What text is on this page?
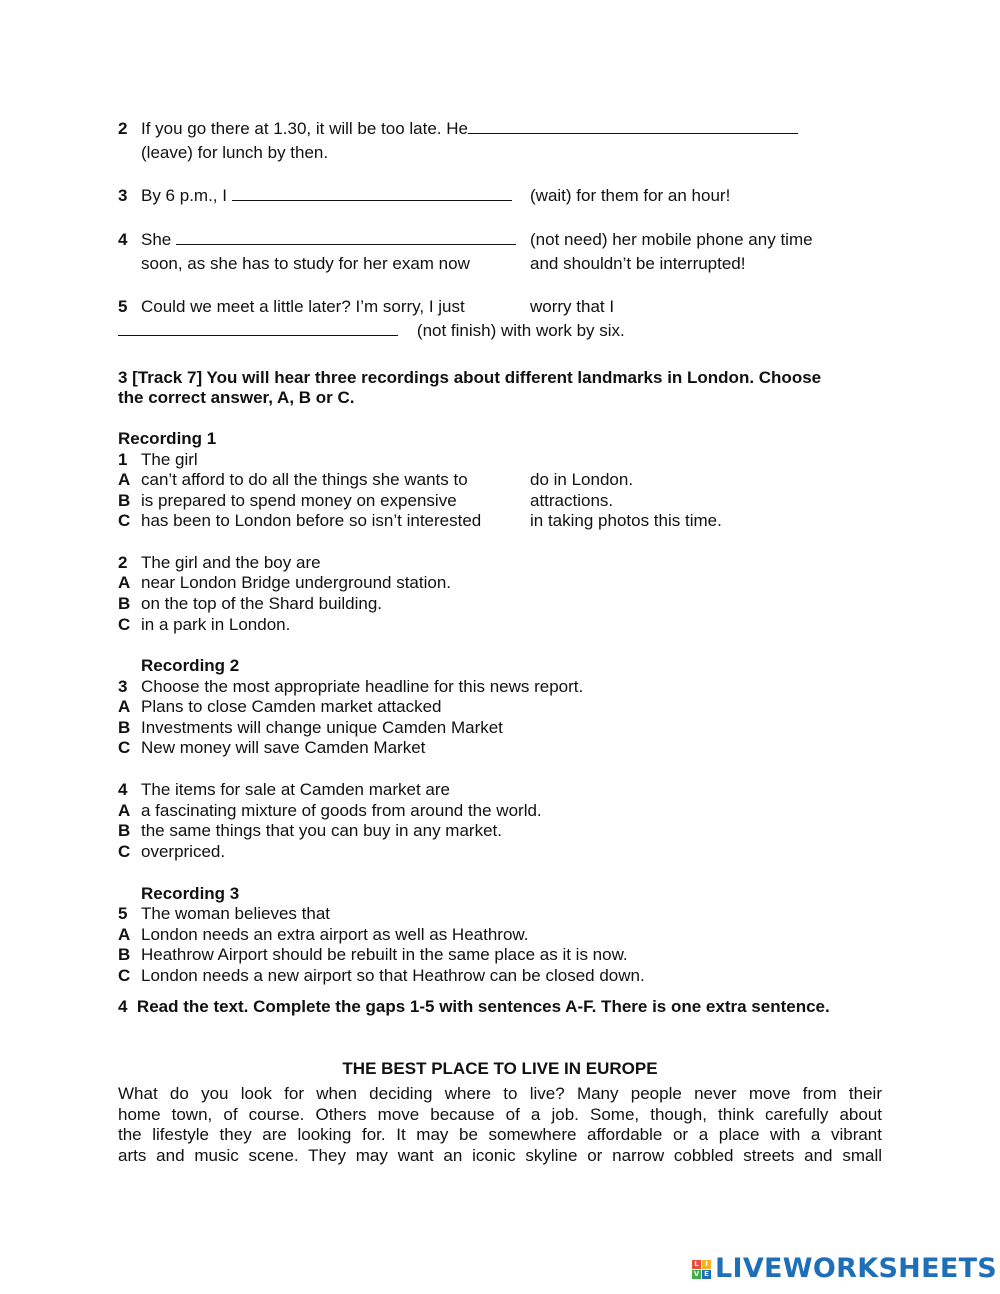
2 If you go there at 1.30, it will be too late. He
(leave) for lunch by then.
3 By 6 p.m., I	(wait) for them for an hour!
4 She	(not need) her mobile phone any time
soon, as she has to study for her exam now	and shouldn’t be interrupted!
5 Could we meet a little later? I’m sorry, I just	worry that I
(not finish) with work by six.
3 [Track 7] You will hear three recordings about different landmarks in London. Choose
the correct answer, A, B or C.
Recording 1
1 The girl
A can’t afford to do all the things she wants to	do in London.
B is prepared to spend money on expensive	attractions.
C has been to London before so isn’t interested	in taking photos this time.
2 The girl and the boy are
A near London Bridge underground station.
B on the top of the Shard building.
C in a park in London.
Recording 2
3 Choose the most appropriate headline for this news report.
A Plans to close Camden market attacked
B Investments will change unique Camden Market
C New money will save Camden Market
4 The items for sale at Camden market are
A a fascinating mixture of goods from around the world.
B the same things that you can buy in any market.
C overpriced.
Recording 3
5 The woman believes that
A London needs an extra airport as well as Heathrow.
B Heathrow Airport should be rebuilt in the same place as it is now.
C London needs a new airport so that Heathrow can be closed down.
4 Read the text. Complete the gaps 1-5 with sentences A-F. There is one extra sentence.
THE BEST PLACE TO LIVE IN EUROPE
What do you look for when deciding where to live? Many people never move from their
home town, of course. Others move because of a job. Some, though, think carefully about
the lifestyle they are looking for. It may be somewhere affordable or a place with a vibrant
arts and music scene. They may want an iconic skyline or narrow cobbled streets and small
L I
V E LIVEWORKSHEETS
